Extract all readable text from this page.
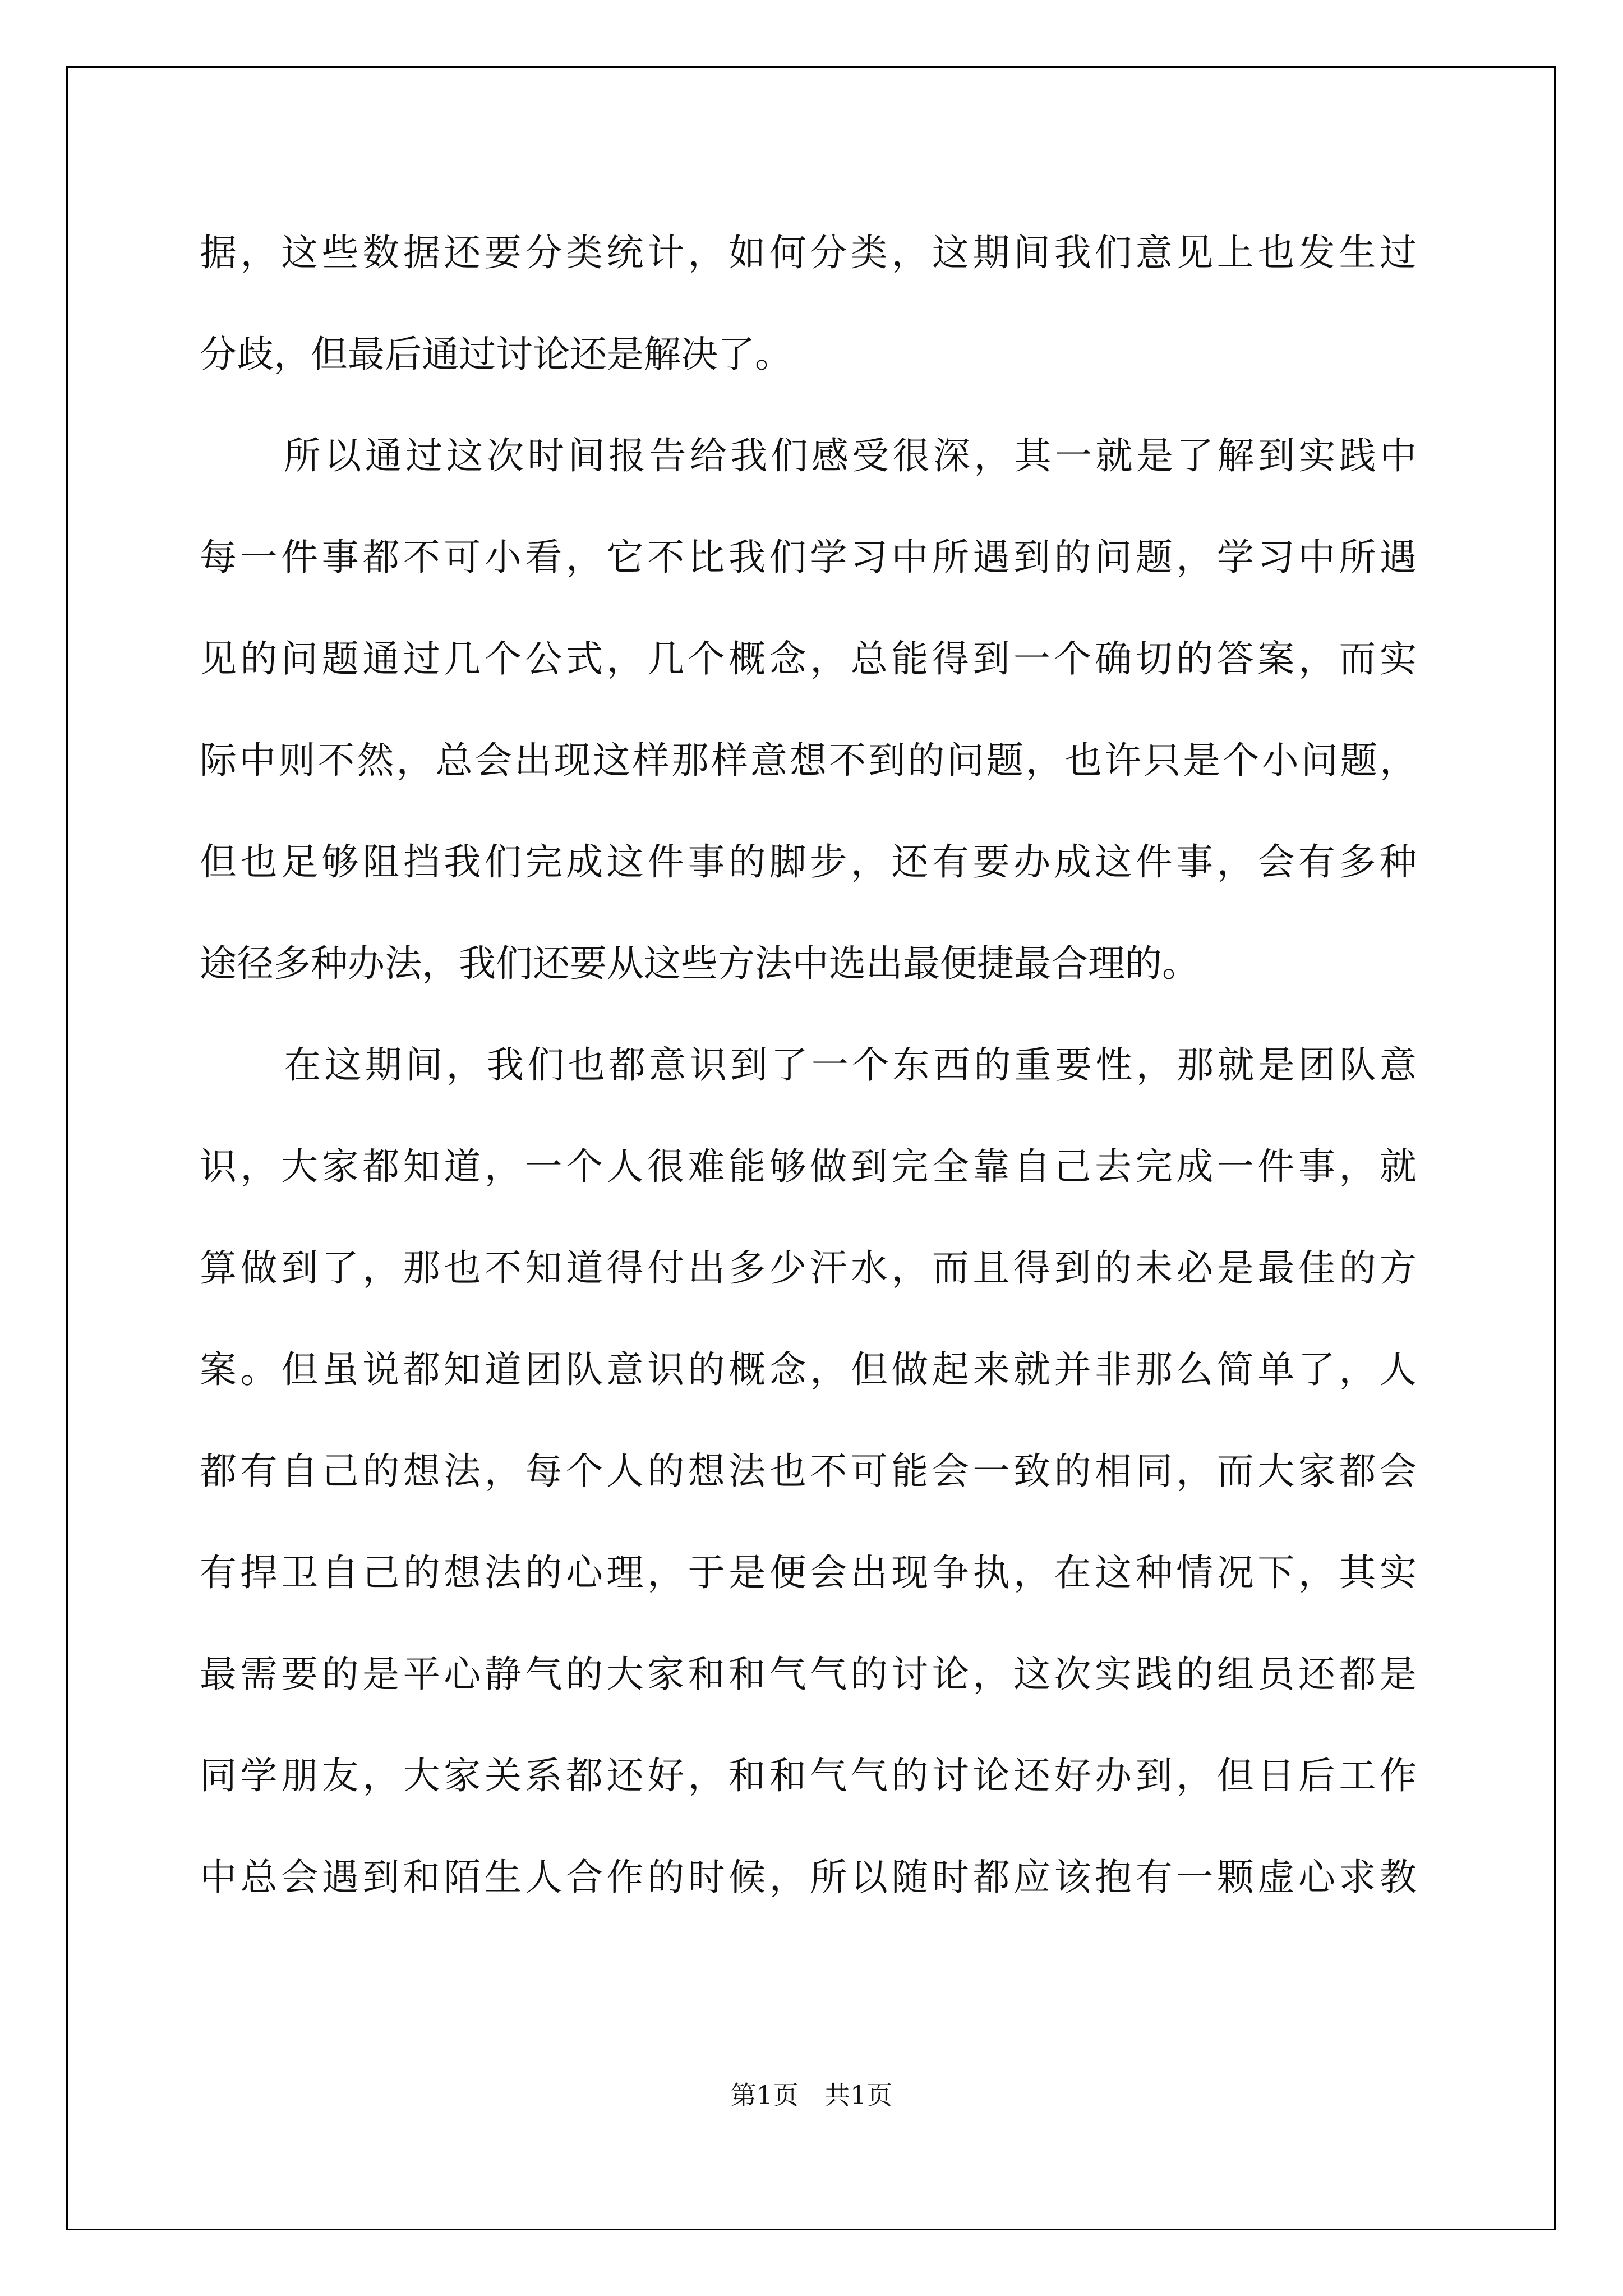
据，这些数据还要分类统计，如何分类，这期间我们意见上也发生过
分歧，但最后通过讨论还是解决了。
所以通过这次时间报告给我们感受很深，其一就是了解到实践中
每一件事都不可小看，它不比我们学习中所遇到的问题，学习中所遇
见的问题通过几个公式，几个概念，总能得到一个确切的答案，而实
际中则不然，总会出现这样那样意想不到的问题，也许只是个小问题，
但也足够阻挡我们完成这件事的脚步，还有要办成这件事，会有多种
途径多种办法，我们还要从这些方法中选出最便捷最合理的。
在这期间，我们也都意识到了一个东西的重要性，那就是团队意
识，大家都知道，一个人很难能够做到完全靠自己去完成一件事，就
算做到了，那也不知道得付出多少汗水，而且得到的未必是最佳的方
案。但虽说都知道团队意识的概念，但做起来就并非那么简单了，人
都有自己的想法，每个人的想法也不可能会一致的相同，而大家都会
有捍卫自己的想法的心理，于是便会出现争执，在这种情况下，其实
最需要的是平心静气的大家和和气气的讨论，这次实践的组员还都是
同学朋友，大家关系都还好，和和气气的讨论还好办到，但日后工作
中总会遇到和陌生人合作的时候，所以随时都应该抱有一颗虚心求教
第1页　共1页
